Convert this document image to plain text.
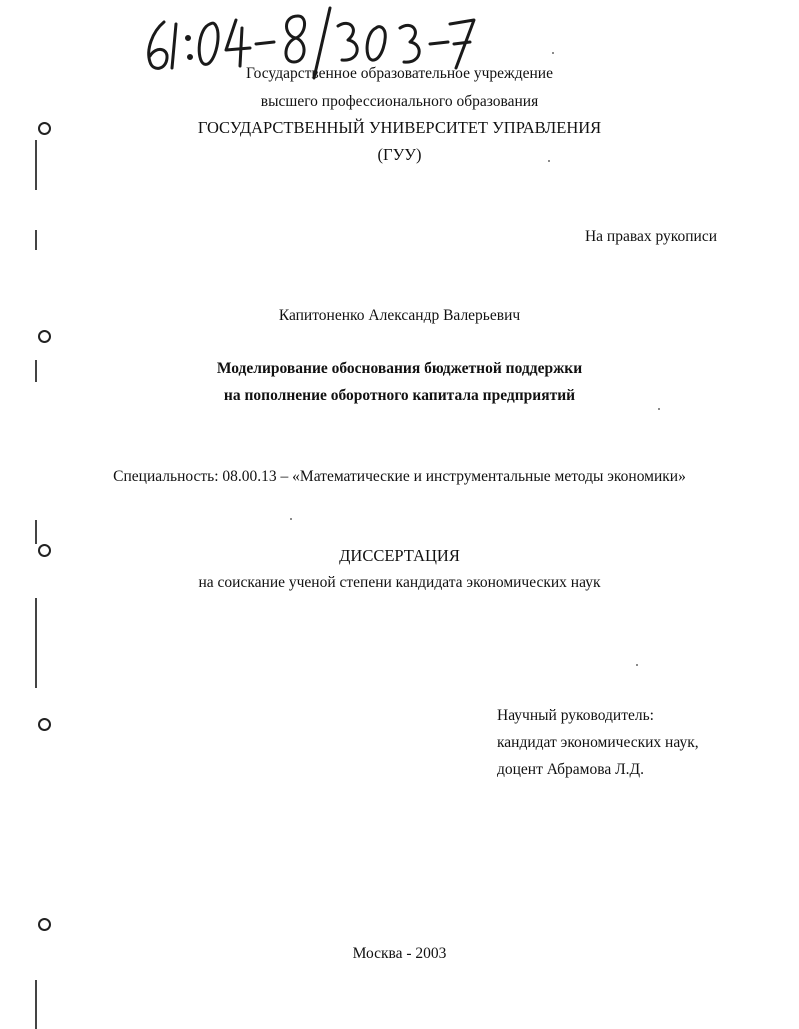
Государственное образовательное учреждение
высшего профессионального образования
ГОСУДАРСТВЕННЫЙ УНИВЕРСИТЕТ УПРАВЛЕНИЯ
(ГУУ)
На правах рукописи
Капитоненко Александр Валерьевич
Моделирование обоснования бюджетной поддержки
на пополнение оборотного капитала предприятий
Специальность: 08.00.13 – «Математические и инструментальные методы экономики»
ДИССЕРТАЦИЯ
на соискание ученой степени кандидата экономических наук
Научный руководитель:
кандидат экономических наук,
доцент Абрамова Л.Д.
Москва - 2003
